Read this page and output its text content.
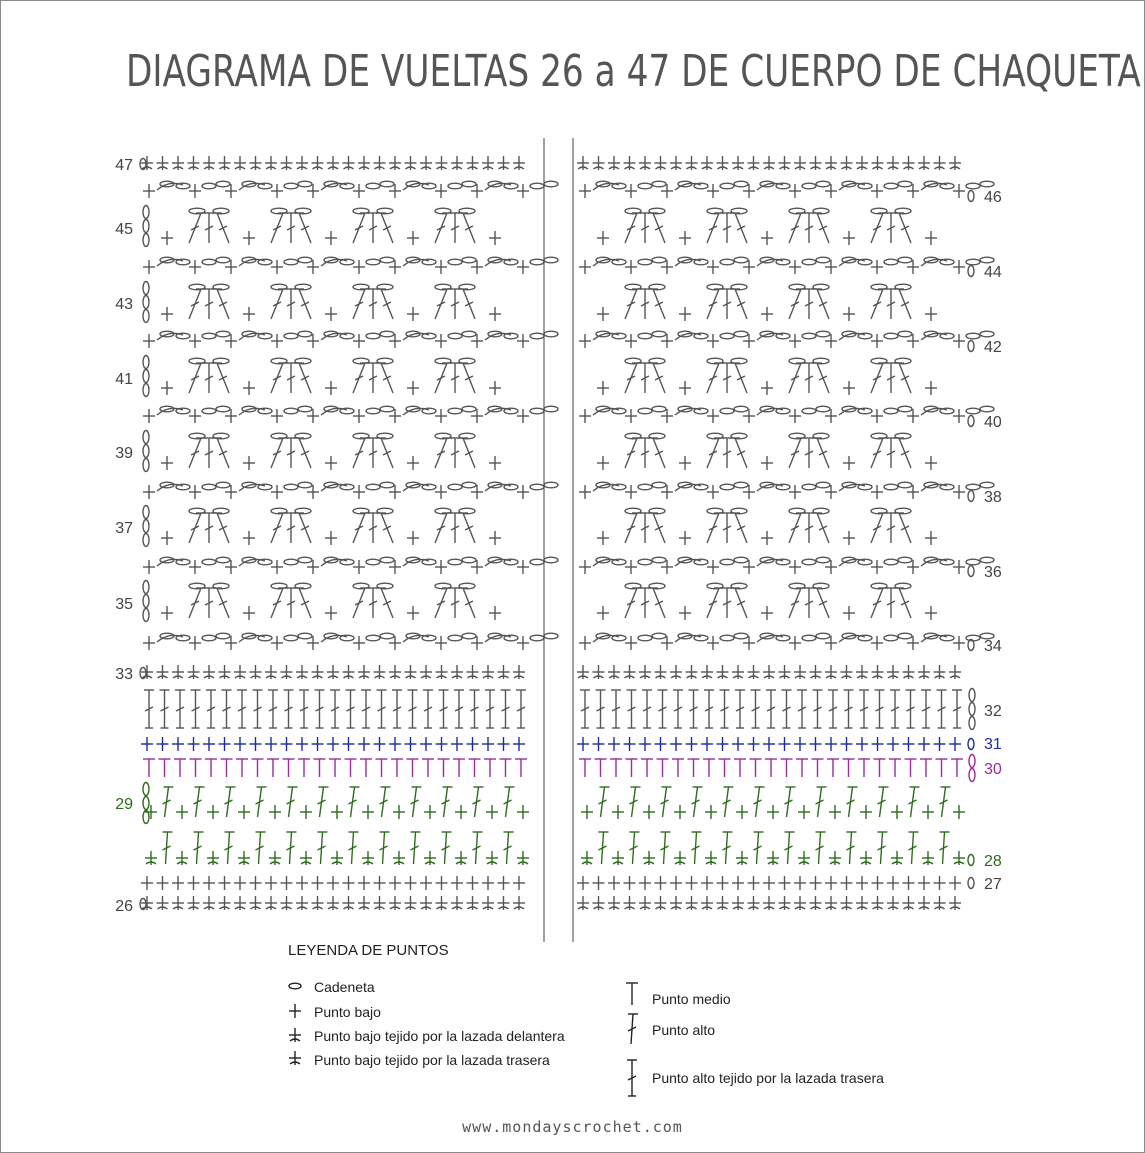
DIAGRAMA DE VUELTAS 26 a 47 DE CUERPO DE CHAQUETA
47
45
43
41
39
37
35
33
29
26
46
44
42
40
38
36
34
32
31
30
28
27
LEYENDA DE PUNTOS
Cadeneta
Punto bajo
Punto bajo tejido por la lazada delantera
Punto bajo tejido por la lazada trasera
Punto medio
Punto alto
Punto alto tejido por la lazada trasera
www.mondayscrochet.com
